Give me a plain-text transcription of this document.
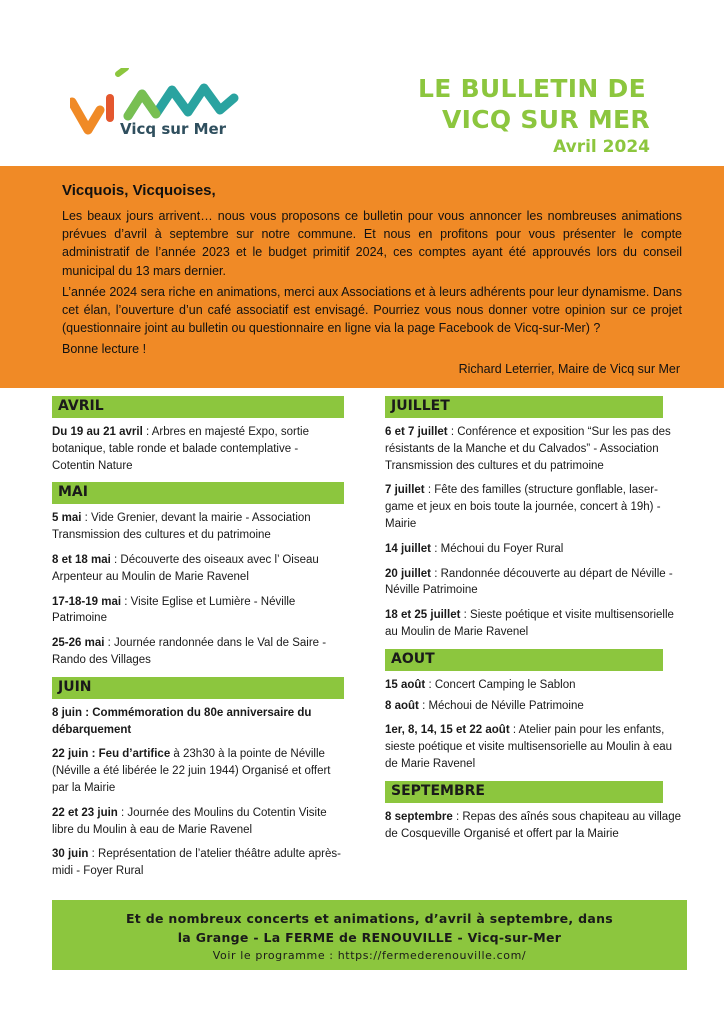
Vicq sur Mer
LE BULLETIN DE
VICQ SUR MER
Avril 2024
Vicquois, Vicquoises,

Les beaux jours arrivent… nous vous proposons ce bulletin pour vous annoncer les nombreuses animations prévues d’avril à septembre sur notre commune. Et nous en profitons pour vous présenter le compte administratif de l’année 2023 et le budget primitif 2024, ces comptes ayant été approuvés lors du conseil municipal du 13 mars dernier.

L’année 2024 sera riche en animations, merci aux Associations et à leurs adhérents pour leur dynamisme. Dans cet élan, l’ouverture d’un café associatif est envisagé. Pourriez vous nous donner votre opinion sur ce projet (questionnaire joint au bulletin ou questionnaire en ligne via la page Facebook de Vicq-sur-Mer) ?

Bonne lecture !

Richard Leterrier, Maire de Vicq sur Mer
AVRIL
Du 19 au 21 avril : Arbres en majesté Expo, sortie botanique, table ronde et balade contemplative - Cotentin Nature
MAI
5 mai : Vide Grenier, devant la mairie - Association Transmission des cultures et du patrimoine
8 et 18 mai : Découverte des oiseaux avec l’ Oiseau Arpenteur au Moulin de Marie Ravenel
17-18-19 mai : Visite Eglise et Lumière - Néville Patrimoine
25-26 mai : Journée randonnée dans le Val de Saire - Rando des Villages
JUIN
8 juin : Commémoration du 80e anniversaire du débarquement
22 juin : Feu d’artifice à 23h30 à la pointe de Néville (Néville a été libérée le 22 juin 1944) Organisé et offert par la Mairie
22 et 23 juin : Journée des Moulins du Cotentin Visite libre du Moulin à eau de Marie Ravenel
30 juin : Représentation de l’atelier théâtre adulte après-midi - Foyer Rural
JUILLET
6 et 7 juillet : Conférence et exposition “Sur les pas des résistants de la Manche et du Calvados” - Association Transmission des cultures et du patrimoine
7 juillet : Fête des familles (structure gonflable, laser-game et jeux en bois toute la journée, concert à 19h) - Mairie
14 juillet : Méchoui du Foyer Rural
20 juillet : Randonnée découverte au départ de Néville - Néville Patrimoine
18 et 25 juillet : Sieste poétique et visite multisensorielle au Moulin de Marie Ravenel
AOUT
15 août : Concert Camping le Sablon
8 août : Méchoui de Néville Patrimoine
1er, 8, 14, 15 et 22 août : Atelier pain pour les enfants, sieste poétique et visite multisensorielle au Moulin à eau de Marie Ravenel
SEPTEMBRE
8 septembre : Repas des aînés sous chapiteau au village de Cosqueville Organisé et offert par la Mairie
Et de nombreux concerts et animations, d’avril à septembre, dans
la Grange - La FERME de RENOUVILLE - Vicq-sur-Mer
Voir le programme : https://fermederenouville.com/
